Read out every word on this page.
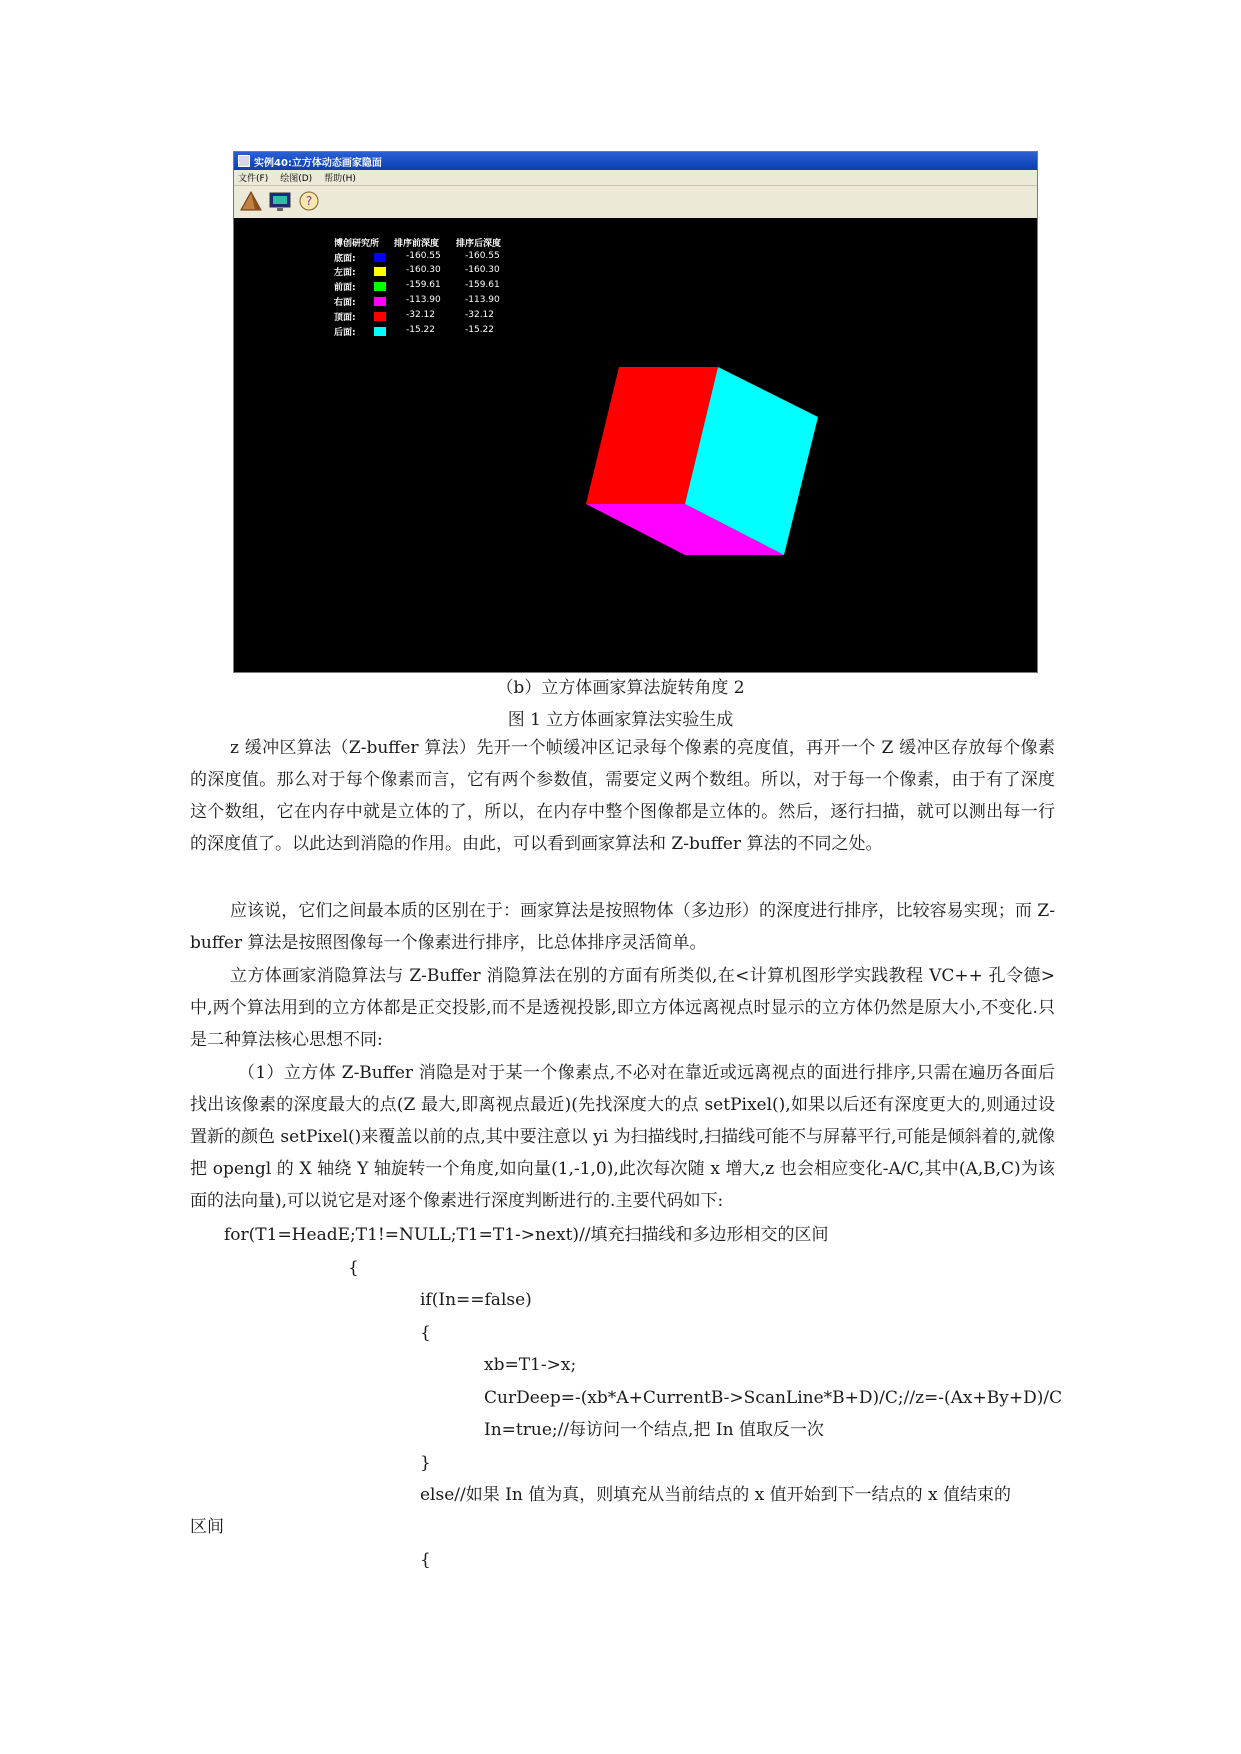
实例40:立方体动态画家隐面
文件(F) 绘图(D) 帮助(H)
?
博创研究所 排序前深度 排序后深度
底面:	-160.55	-160.55
左面:	-160.30	-160.30
前面:	-159.61	-159.61
右面:	-113.90	-113.90
顶面:	-32.12	-32.12
后面:	-15.22	-15.22
（b）立方体画家算法旋转角度 2
图 1 立方体画家算法实验生成

z 缓冲区算法（Z-buffer 算法）先开一个帧缓冲区记录每个像素的亮度值，再开一个 Z 缓冲区存放每个像素的深度值。那么对于每个像素而言，它有两个参数值，需要定义两个数组。所以，对于每一个像素，由于有了深度这个数组，它在内存中就是立体的了，所以，在内存中整个图像都是立体的。然后，逐行扫描，就可以测出每一行的深度值了。以此达到消隐的作用。由此，可以看到画家算法和 Z-buffer 算法的不同之处。

应该说，它们之间最本质的区别在于：画家算法是按照物体（多边形）的深度进行排序，比较容易实现；而 Z-buffer 算法是按照图像每一个像素进行排序，比总体排序灵活简单。

立方体画家消隐算法与 Z-Buffer 消隐算法在别的方面有所类似,在<计算机图形学实践教程 VC++ 孔令德>中,两个算法用到的立方体都是正交投影,而不是透视投影,即立方体远离视点时显示的立方体仍然是原大小,不变化.只是二种算法核心思想不同:

（1）立方体 Z-Buffer 消隐是对于某一个像素点,不必对在靠近或远离视点的面进行排序,只需在遍历各面后找出该像素的深度最大的点(Z 最大,即离视点最近)(先找深度大的点 setPixel(),如果以后还有深度更大的,则通过设置新的颜色 setPixel()来覆盖以前的点,其中要注意以 yi 为扫描线时,扫描线可能不与屏幕平行,可能是倾斜着的,就像把 opengl 的 X 轴绕 Y 轴旋转一个角度,如向量(1,-1,0),此次每次随 x 增大,z 也会相应变化-A/C,其中(A,B,C)为该面的法向量),可以说它是对逐个像素进行深度判断进行的.主要代码如下:

for(T1=HeadE;T1!=NULL;T1=T1->next)//填充扫描线和多边形相交的区间
{
if(In==false)
{
xb=T1->x;
CurDeep=-(xb*A+CurrentB->ScanLine*B+D)/C;//z=-(Ax+By+D)/C
In=true;//每访问一个结点,把 In 值取反一次
}
else//如果 In 值为真，则填充从当前结点的 x 值开始到下一结点的 x 值结束的
区间
{
